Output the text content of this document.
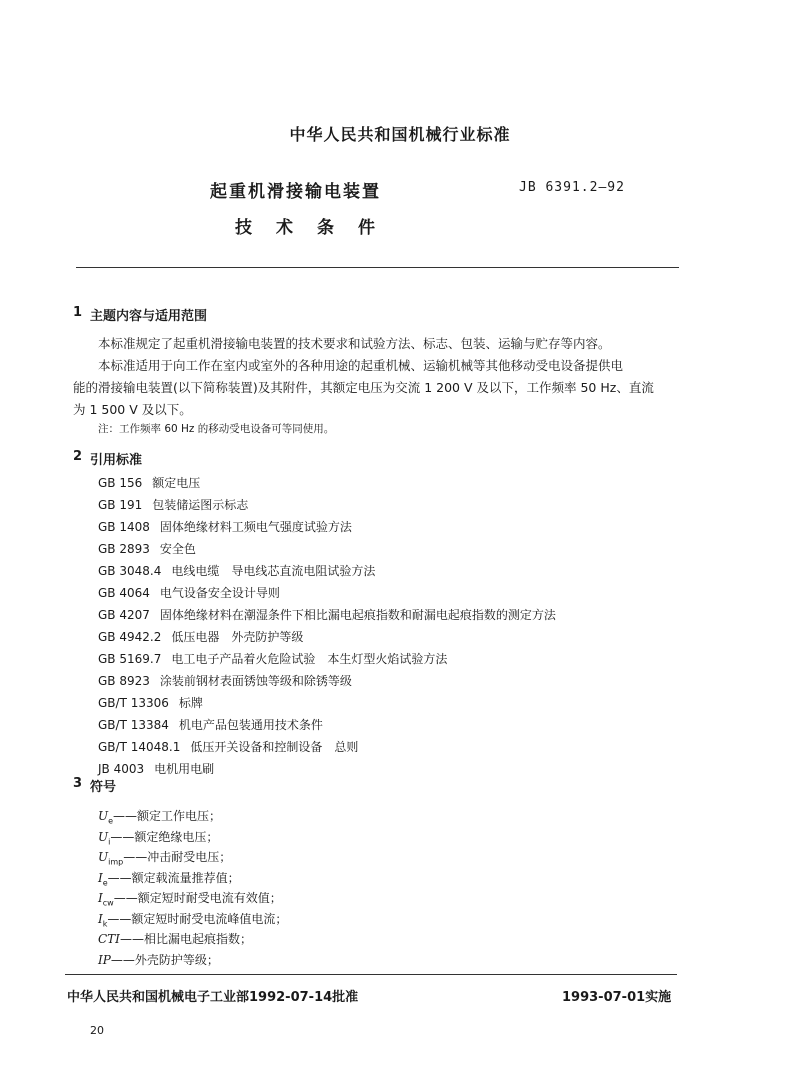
中华人民共和国机械行业标准
起重机滑接输电装置	JB 6391.2—92
技术条件
1 主题内容与适用范围
本标准规定了起重机滑接输电装置的技术要求和试验方法、标志、包装、运输与贮存等内容。
本标准适用于向工作在室内或室外的各种用途的起重机械、运输机械等其他移动受电设备提供电
能的滑接输电装置(以下简称装置)及其附件，其额定电压为交流 1 200 V 及以下，工作频率 50 Hz、直流
为 1 500 V 及以下。
注：工作频率 60 Hz 的移动受电设备可等同使用。
2 引用标准
GB 156 额定电压
GB 191 包装储运图示标志
GB 1408 固体绝缘材料工频电气强度试验方法
GB 2893 安全色
GB 3048.4 电线电缆　导电线芯直流电阻试验方法
GB 4064 电气设备安全设计导则
GB 4207 固体绝缘材料在潮湿条件下相比漏电起痕指数和耐漏电起痕指数的测定方法
GB 4942.2 低压电器　外壳防护等级
GB 5169.7 电工电子产品着火危险试验　本生灯型火焰试验方法
GB 8923 涂装前钢材表面锈蚀等级和除锈等级
GB/T 13306 标牌
GB/T 13384 机电产品包装通用技术条件
GB/T 14048.1 低压开关设备和控制设备　总则
JB 4003 电机用电刷
3 符号
$U_e——$额定工作电压；
$U_i——$额定绝缘电压；
$U_{imp}——$冲击耐受电压；
$I_e——$额定载流量推荐值；
$I_{cw}——$额定短时耐受电流有效值；
$I_k——$额定短时耐受电流峰值电流；
CTI——相比漏电起痕指数；
IP——外壳防护等级；
中华人民共和国机械电子工业部1992-07-14批准	1993-07-01实施
20
